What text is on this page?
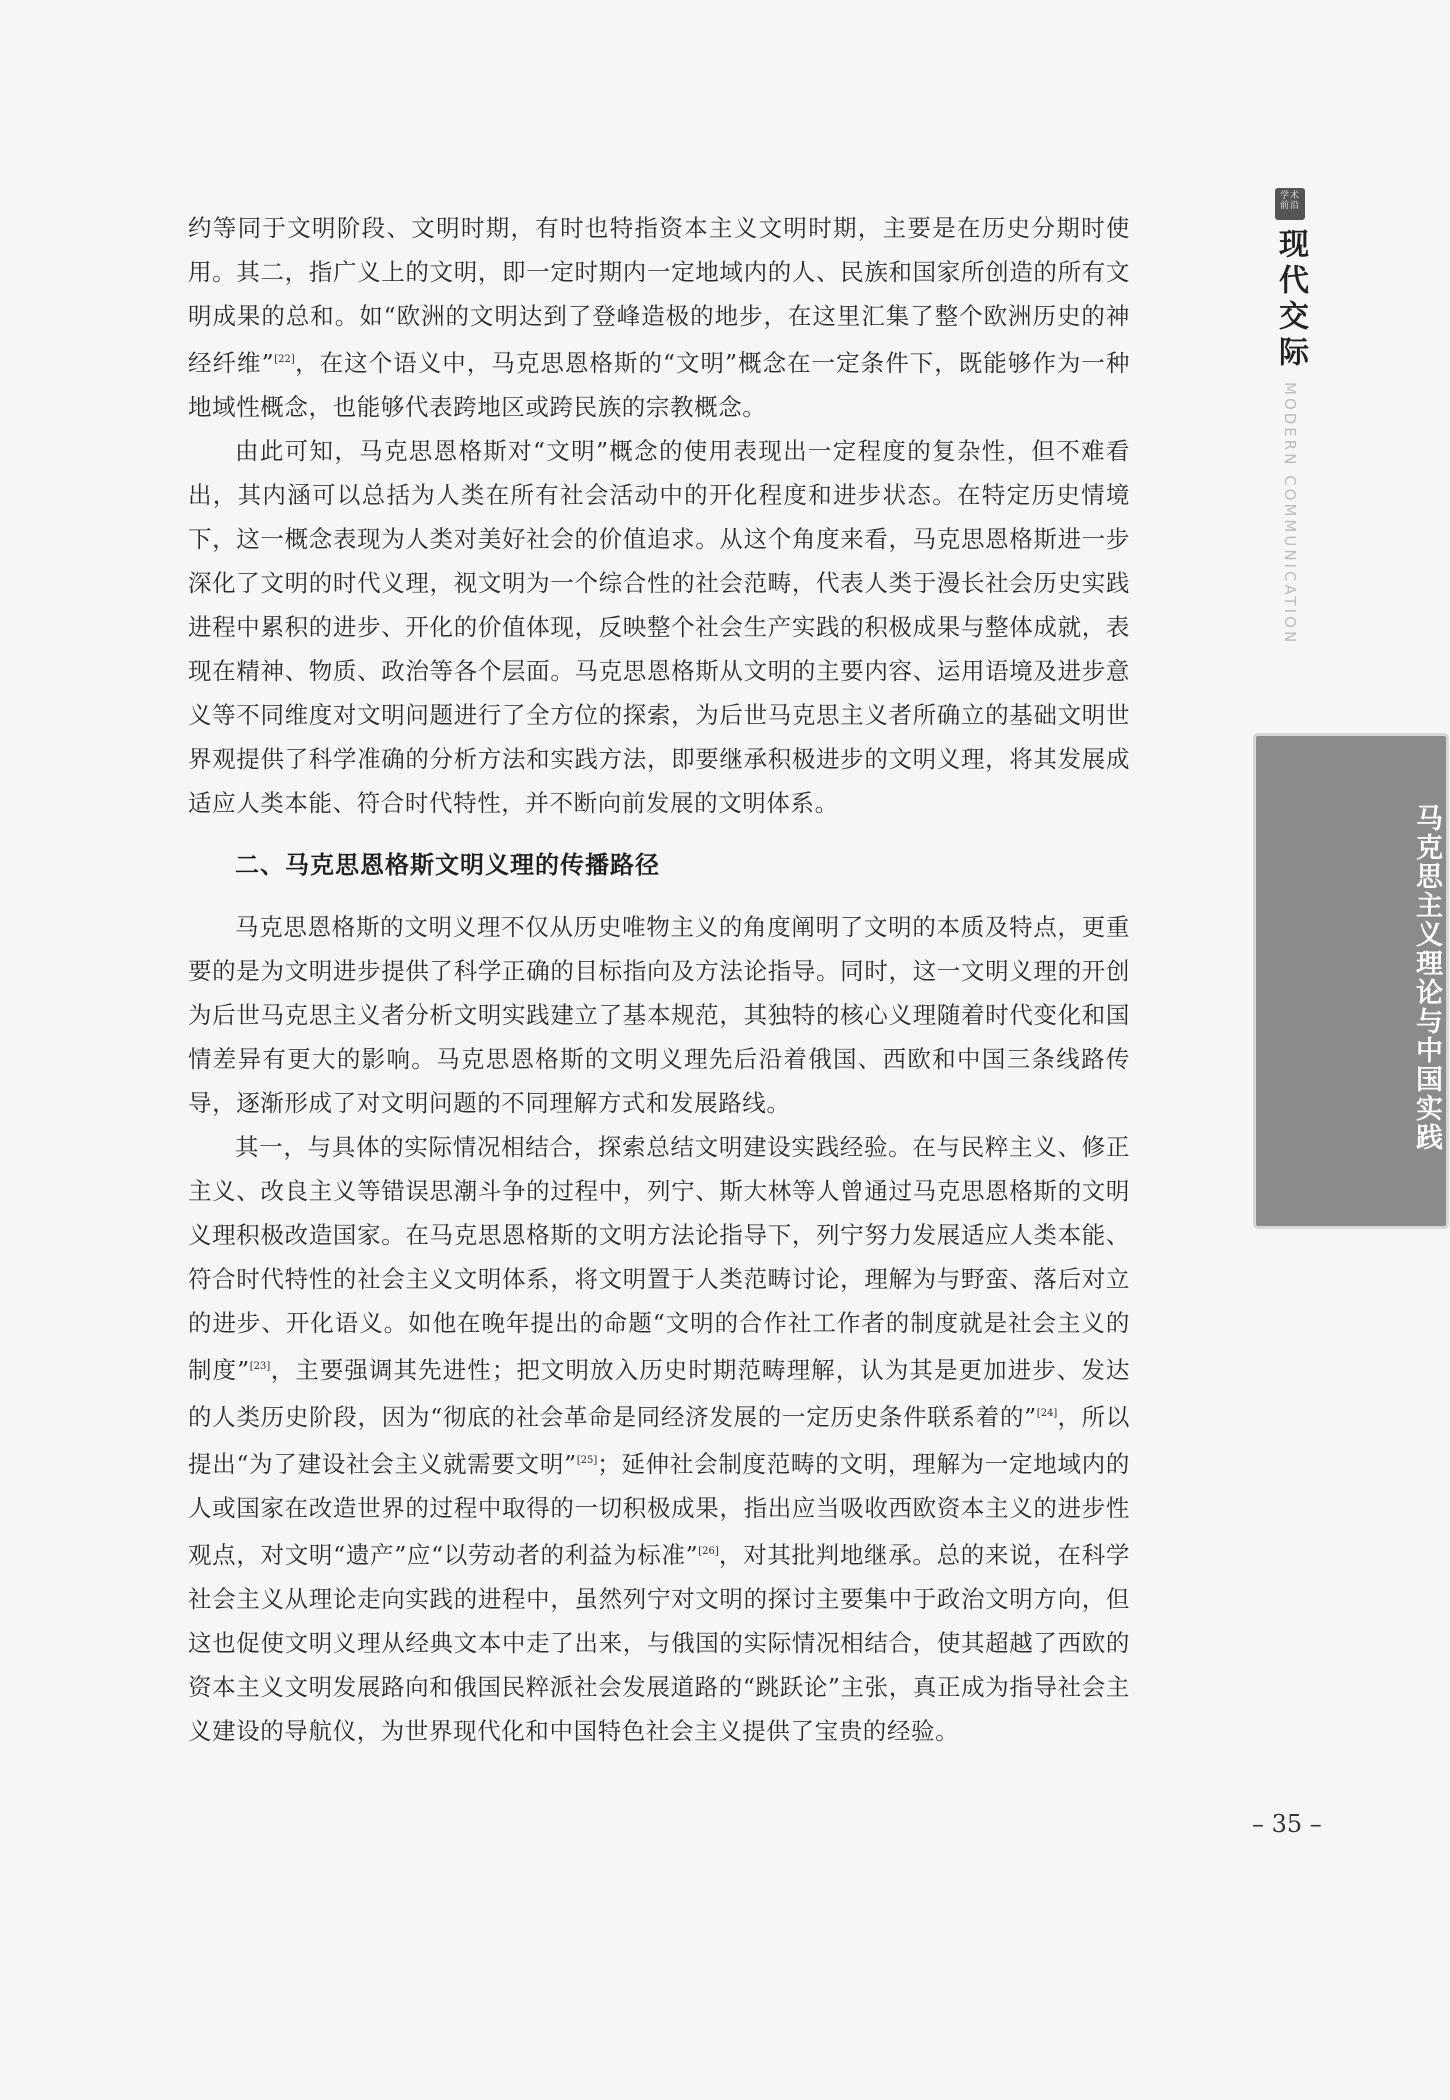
约等同于文明阶段、文明时期，有时也特指资本主义文明时期，主要是在历史分期时使用。其二，指广义上的文明，即一定时期内一定地域内的人、民族和国家所创造的所有文明成果的总和。如“欧洲的文明达到了登峰造极的地步，在这里汇集了整个欧洲历史的神经纤维”[22]，在这个语义中，马克思恩格斯的“文明”概念在一定条件下，既能够作为一种地域性概念，也能够代表跨地区或跨民族的宗教概念。

由此可知，马克思恩格斯对“文明”概念的使用表现出一定程度的复杂性，但不难看出，其内涵可以总括为人类在所有社会活动中的开化程度和进步状态。在特定历史情境下，这一概念表现为人类对美好社会的价值追求。从这个角度来看，马克思恩格斯进一步深化了文明的时代义理，视文明为一个综合性的社会范畴，代表人类于漫长社会历史实践进程中累积的进步、开化的价值体现，反映整个社会生产实践的积极成果与整体成就，表现在精神、物质、政治等各个层面。马克思恩格斯从文明的主要内容、运用语境及进步意义等不同维度对文明问题进行了全方位的探索，为后世马克思主义者所确立的基础文明世界观提供了科学准确的分析方法和实践方法，即要继承积极进步的文明义理，将其发展成适应人类本能、符合时代特性，并不断向前发展的文明体系。

二、马克思恩格斯文明义理的传播路径

马克思恩格斯的文明义理不仅从历史唯物主义的角度阐明了文明的本质及特点，更重要的是为文明进步提供了科学正确的目标指向及方法论指导。同时，这一文明义理的开创为后世马克思主义者分析文明实践建立了基本规范，其独特的核心义理随着时代变化和国情差异有更大的影响。马克思恩格斯的文明义理先后沿着俄国、西欧和中国三条线路传导，逐渐形成了对文明问题的不同理解方式和发展路线。

其一，与具体的实际情况相结合，探索总结文明建设实践经验。在与民粹主义、修正主义、改良主义等错误思潮斗争的过程中，列宁、斯大林等人曾通过马克思恩格斯的文明义理积极改造国家。在马克思恩格斯的文明方法论指导下，列宁努力发展适应人类本能、符合时代特性的社会主义文明体系，将文明置于人类范畴讨论，理解为与野蛮、落后对立的进步、开化语义。如他在晚年提出的命题“文明的合作社工作者的制度就是社会主义的制度”[23]，主要强调其先进性；把文明放入历史时期范畴理解，认为其是更加进步、发达的人类历史阶段，因为“彻底的社会革命是同经济发展的一定历史条件联系着的”[24]，所以提出“为了建设社会主义就需要文明”[25]；延伸社会制度范畴的文明，理解为一定地域内的人或国家在改造世界的过程中取得的一切积极成果，指出应当吸收西欧资本主义的进步性观点，对文明“遗产”应“以劳动者的利益为标准”[26]，对其批判地继承。总的来说，在科学社会主义从理论走向实践的进程中，虽然列宁对文明的探讨主要集中于政治文明方向，但这也促使文明义理从经典文本中走了出来，与俄国的实际情况相结合，使其超越了西欧的资本主义文明发展路向和俄国民粹派社会发展道路的“跳跃论”主张，真正成为指导社会主义建设的导航仪，为世界现代化和中国特色社会主义提供了宝贵的经验。

学术 前沿
现代交际
MODERN COMMUNICATION
马克思主义理论与中国实践
– 35 –
